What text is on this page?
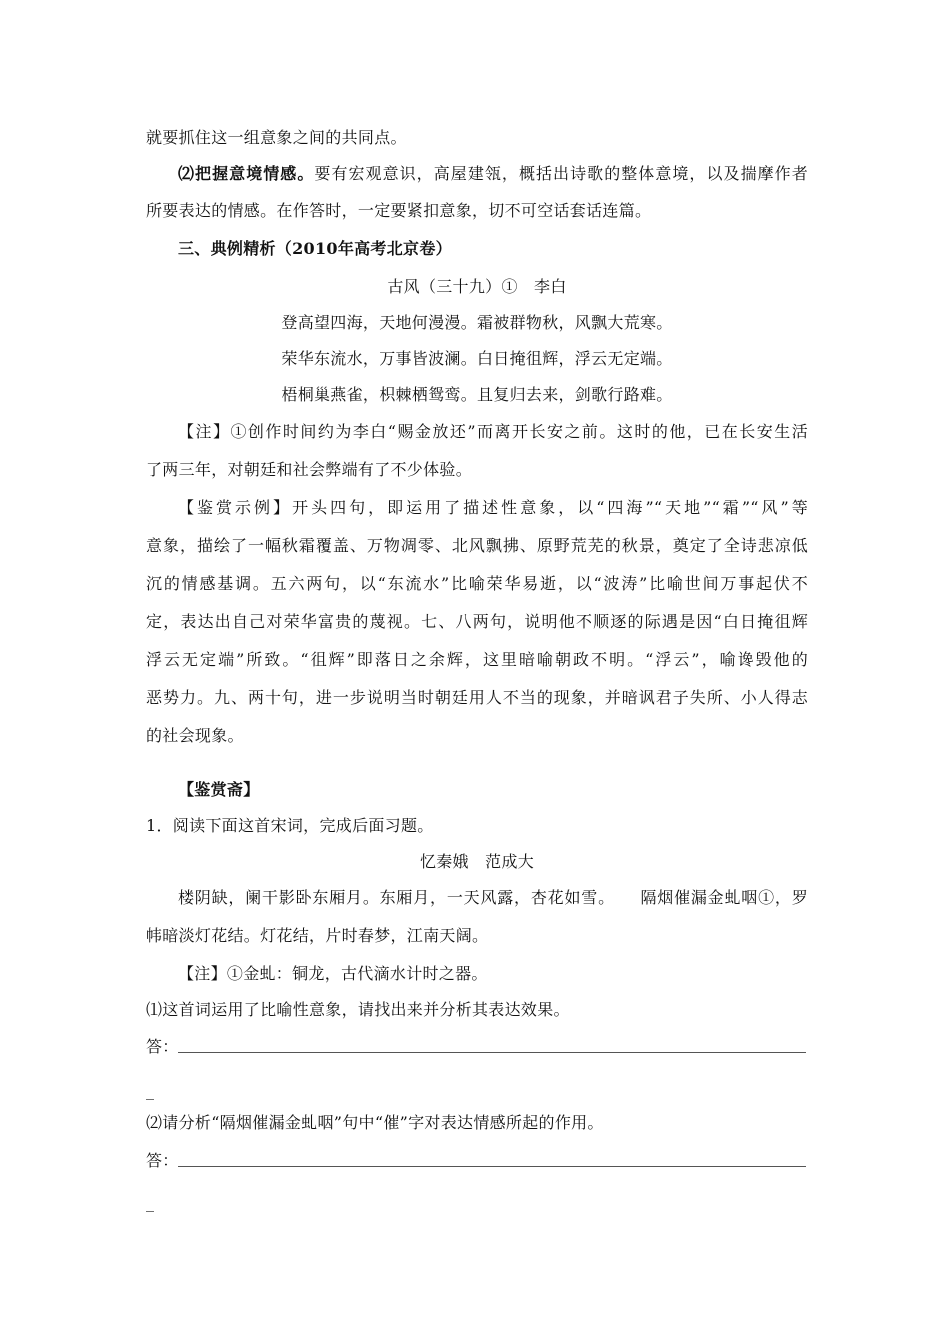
就要抓住这一组意象之间的共同点。
⑵把握意境情感。要有宏观意识，高屋建瓴，概括出诗歌的整体意境，以及揣摩作者
所要表达的情感。在作答时，一定要紧扣意象，切不可空话套话连篇。
三、典例精析（2010年高考北京卷）
古风（三十九）①　李白
登高望四海，天地何漫漫。霜被群物秋，风飘大荒寒。
荣华东流水，万事皆波澜。白日掩徂辉，浮云无定端。
梧桐巢燕雀，枳棘栖鸳鸾。且复归去来，剑歌行路难。
【注】①创作时间约为李白“赐金放还”而离开长安之前。这时的他，已在长安生活
了两三年，对朝廷和社会弊端有了不少体验。
【鉴赏示例】开头四句，即运用了描述性意象，以“四海”“天地”“霜”“风”等
意象，描绘了一幅秋霜覆盖、万物凋零、北风飘拂、原野荒芜的秋景，奠定了全诗悲凉低
沉的情感基调。五六两句，以“东流水”比喻荣华易逝，以“波涛”比喻世间万事起伏不
定，表达出自己对荣华富贵的蔑视。七、八两句，说明他不顺逐的际遇是因“白日掩徂辉
浮云无定端”所致。“徂辉”即落日之余辉，这里暗喻朝政不明。“浮云”，喻谗毁他的
恶势力。九、两十句，进一步说明当时朝廷用人不当的现象，并暗讽君子失所、小人得志
的社会现象。
【鉴赏斋】
1．阅读下面这首宋词，完成后面习题。
忆秦娥　范成大
楼阴缺，阑干影卧东厢月。东厢月，一天风露，杏花如雪。　　隔烟催漏金虬咽①，罗
帏暗淡灯花结。灯花结，片时春梦，江南天阔。
【注】①金虬：铜龙，古代滴水计时之器。
⑴这首词运用了比喻性意象，请找出来并分析其表达效果。
答：
_
⑵请分析“隔烟催漏金虬咽”句中“催”字对表达情感所起的作用。
答：
_
